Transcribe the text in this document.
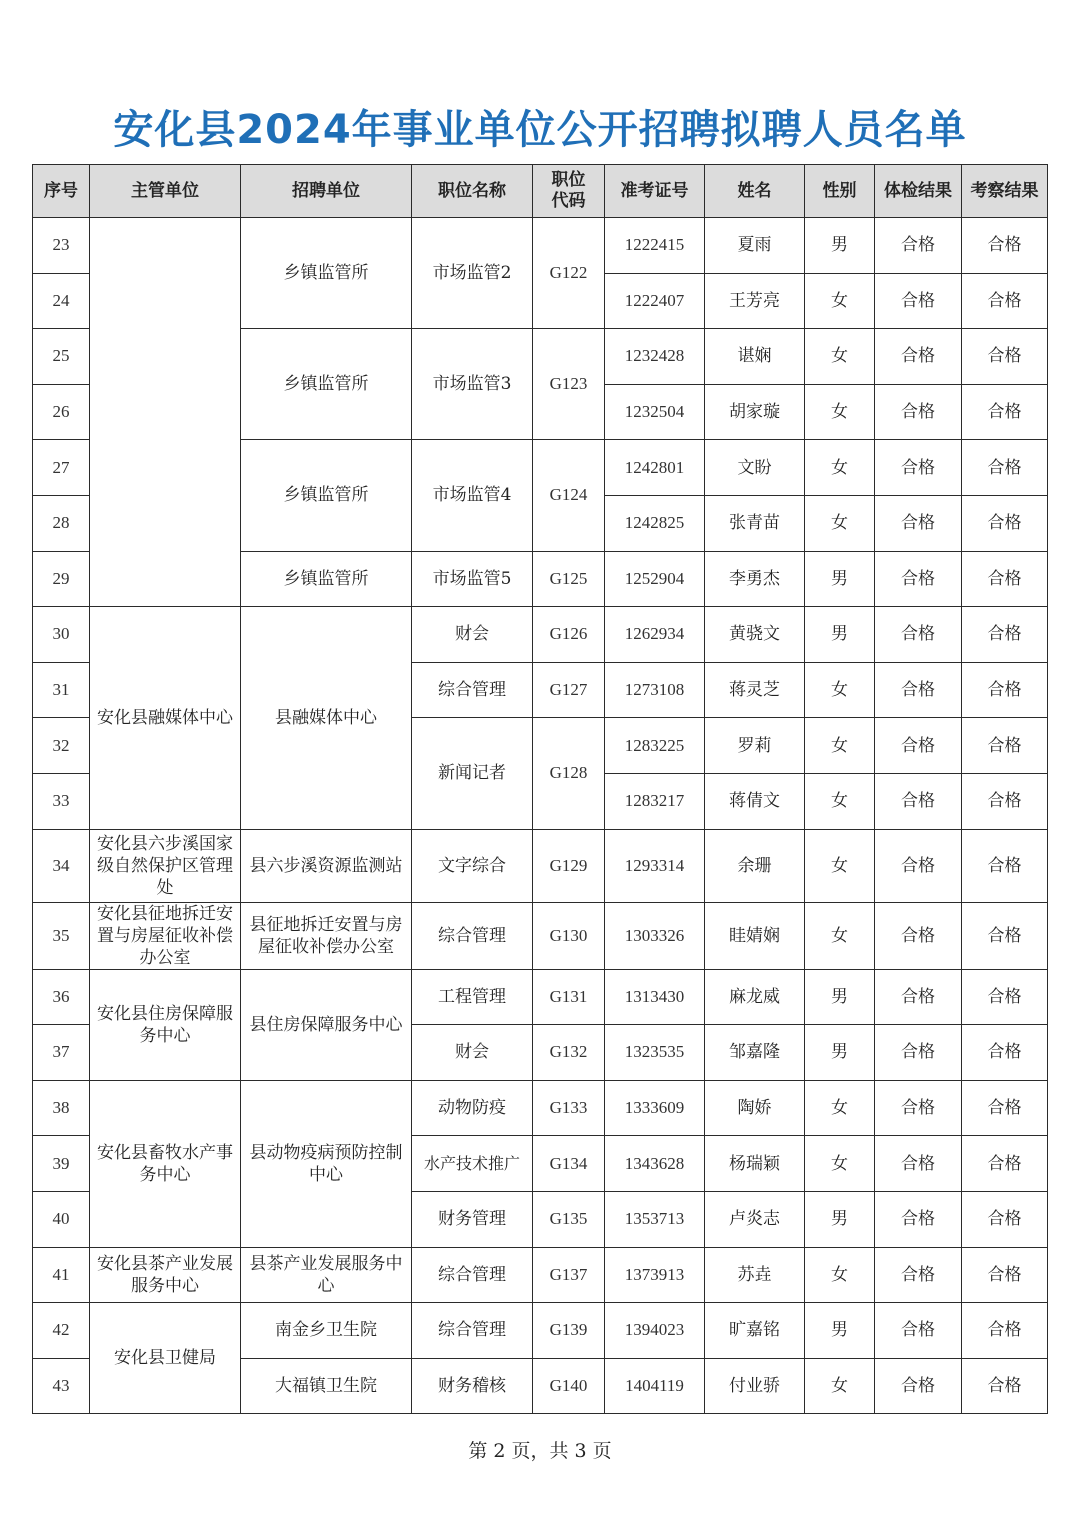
安化县2024年事业单位公开招聘拟聘人员名单
序号	主管单位	招聘单位	职位名称	职位代码	准考证号	姓名	性别	体检结果	考察结果
23		乡镇监管所	市场监管2	G122	1222415	夏雨	男	合格	合格
24					1222407	王芳亮	女	合格	合格
25		乡镇监管所	市场监管3	G123	1232428	谌娴	女	合格	合格
26					1232504	胡家璇	女	合格	合格
27		乡镇监管所	市场监管4	G124	1242801	文盼	女	合格	合格
28					1242825	张青苗	女	合格	合格
29		乡镇监管所	市场监管5	G125	1252904	李勇杰	男	合格	合格
30	安化县融媒体中心	县融媒体中心	财会	G126	1262934	黄骁文	男	合格	合格
31			综合管理	G127	1273108	蒋灵芝	女	合格	合格
32			新闻记者	G128	1283225	罗莉	女	合格	合格
33					1283217	蒋倩文	女	合格	合格
34	安化县六步溪国家级自然保护区管理处	县六步溪资源监测站	文字综合	G129	1293314	余珊	女	合格	合格
35	安化县征地拆迁安置与房屋征收补偿办公室	县征地拆迁安置与房屋征收补偿办公室	综合管理	G130	1303326	眭婧娴	女	合格	合格
36	安化县住房保障服务中心	县住房保障服务中心	工程管理	G131	1313430	麻龙威	男	合格	合格
37			财会	G132	1323535	邹嘉隆	男	合格	合格
38	安化县畜牧水产事务中心	县动物疫病预防控制中心	动物防疫	G133	1333609	陶娇	女	合格	合格
39			水产技术推广	G134	1343628	杨瑞颖	女	合格	合格
40			财务管理	G135	1353713	卢炎志	男	合格	合格
41	安化县茶产业发展服务中心	县茶产业发展服务中心	综合管理	G137	1373913	苏垚	女	合格	合格
42	安化县卫健局	南金乡卫生院	综合管理	G139	1394023	旷嘉铭	男	合格	合格
43		大福镇卫生院	财务稽核	G140	1404119	付业骄	女	合格	合格
第 2 页，共 3 页
